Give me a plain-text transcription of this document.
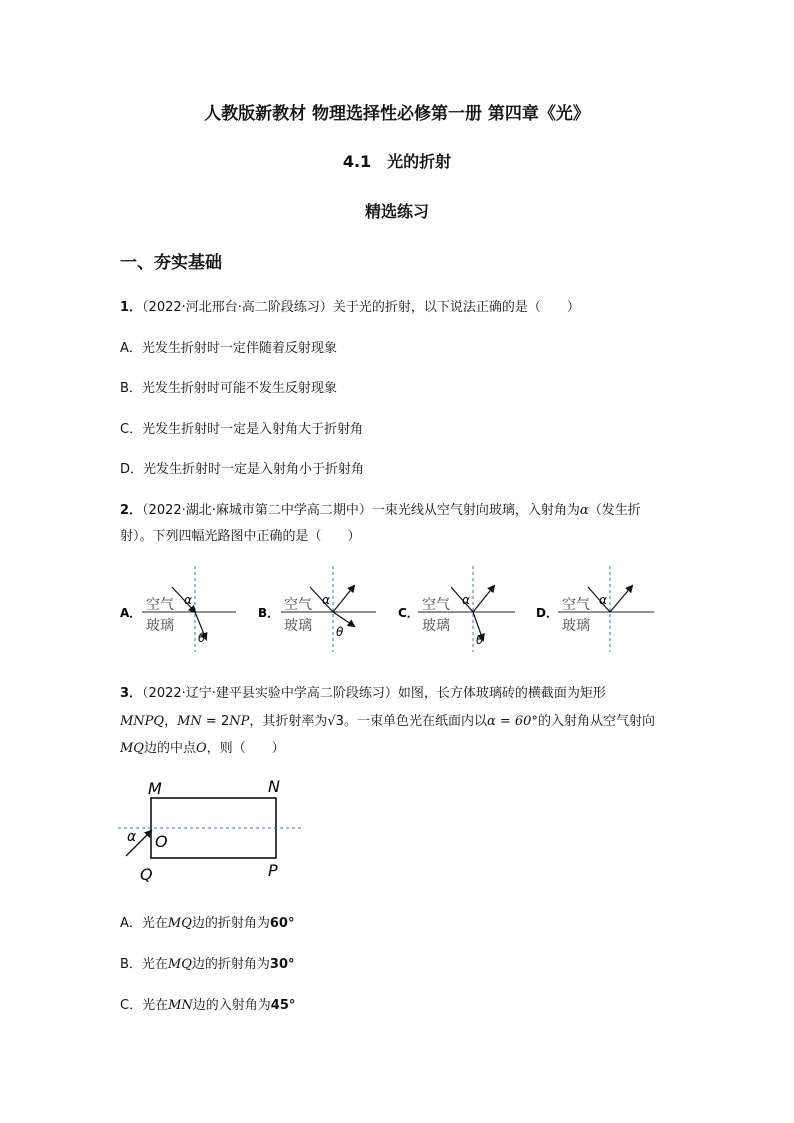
人教版新教材 物理选择性必修第一册 第四章《光》
4.1　光的折射
精选练习
一、夯实基础
1．（2022·河北邢台·高二阶段练习）关于光的折射，以下说法正确的是（　　）
A．光发生折射时一定伴随着反射现象
B．光发生折射时可能不发生反射现象
C．光发生折射时一定是入射角大于折射角
D．光发生折射时一定是入射角小于折射角
2．（2022·湖北·麻城市第二中学高二期中）一束光线从空气射向玻璃，入射角为α（发生折
射）。下列四幅光路图中正确的是（　　）
A． 空气
玻璃
α
θ
B． 空气
玻璃
α
θ
C． 空气
玻璃
α
θ
D． 空气
玻璃
α
3．（2022·辽宁·建平县实验中学高二阶段练习）如图，长方体玻璃砖的横截面为矩形
MNPQ，MN = 2NP，其折射率为√3。一束单色光在纸面内以α = 60°的入射角从空气射向
MQ边的中点O，则（　　）
M	N
P
Q
O
α
A．光在MQ边的折射角为60°
B．光在MQ边的折射角为30°
C．光在MN边的入射角为45°
